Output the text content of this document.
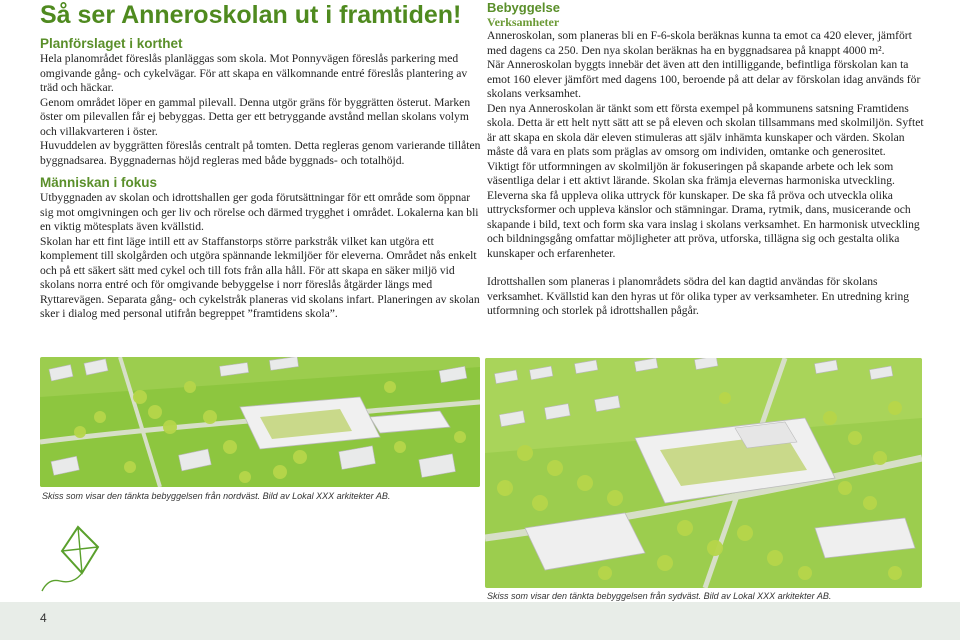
Så ser Anneroskolan ut i framtiden!
Planförslaget i korthet

Hela planområdet föreslås planläggas som skola. Mot Ponnyvägen föreslås parkering med omgivande gång- och cykelvägar. För att skapa en välkomnande entré föreslås plantering av träd och häckar.

Genom området löper en gammal pilevall. Denna utgör gräns för byggrätten österut. Marken öster om pilevallen får ej bebyggas. Detta ger ett betryggande avstånd mellan skolans volym och villakvarteren i öster.

Huvuddelen av byggrätten föreslås centralt på tomten. Detta regleras genom varierande tillåten byggnadsarea. Byggnadernas höjd regleras med både byggnads- och totalhöjd.

Människan i fokus

Utbyggnaden av skolan och idrottshallen ger goda förutsättningar för ett område som öppnar sig mot omgivningen och ger liv och rörelse och därmed trygghet i området. Lokalerna kan bli en viktig mötesplats även kvällstid.

Skolan har ett fint läge intill ett av Staffanstorps större parkstråk vilket kan utgöra ett komplement till skolgården och utgöra spännande lekmiljöer för eleverna. Området nås enkelt och på ett säkert sätt med cykel och till fots från alla håll. För att skapa en säker miljö vid skolans norra entré och för omgivande bebyggelse i norr föreslås åtgärder längs med Ryttarevägen. Separata gång- och cykelstråk planeras vid skolans infart. Planeringen av skolan sker i dialog med personal utifrån begreppet ”framtidens skola”.

Bebyggelse
Verksamheter

Anneroskolan, som planeras bli en F-6-skola beräknas kunna ta emot ca 420 elever, jämfört med dagens ca 250. Den nya skolan beräknas ha en byggnadsarea på knappt 4000 m².

När Anneroskolan byggts innebär det även att den intilliggande, befintliga förskolan kan ta emot 160 elever jämfört med dagens 100, beroende på att delar av förskolan idag används för skolans verksamhet.

Den nya Anneroskolan är tänkt som ett första exempel på kommunens satsning Framtidens skola. Detta är ett helt nytt sätt att se på eleven och skolan tillsammans med skolmiljön. Syftet är att skapa en skola där eleven stimuleras att själv inhämta kunskaper och värden. Skolan måste då vara en plats som präglas av omsorg om individen, omtanke och generositet.

Viktigt för utformningen av skolmiljön är fokuseringen på skapande arbete och lek som väsentliga delar i ett aktivt lärande. Skolan ska främja elevernas harmoniska utveckling. Eleverna ska få uppleva olika uttryck för kunskaper. De ska få pröva och utveckla olika uttrycksformer och uppleva känslor och stämningar. Drama, rytmik, dans, musicerande och skapande i bild, text och form ska vara inslag i skolans verksamhet. En harmonisk utveckling och bildningsgång omfattar möjligheter att pröva, utforska, tillägna sig och gestalta olika kunskaper och erfarenheter.

Idrottshallen som planeras i planområdets södra del kan dagtid användas för skolans verksamhet. Kvällstid kan den hyras ut för olika typer av verksamheter. En utredning kring utformning och storlek på idrottshallen pågår.

Skiss som visar den tänkta bebyggelsen från nordväst. Bild av Lokal XXX arkitekter AB.
Skiss som visar den tänkta bebyggelsen från sydväst. Bild av Lokal XXX arkitekter AB.
4
